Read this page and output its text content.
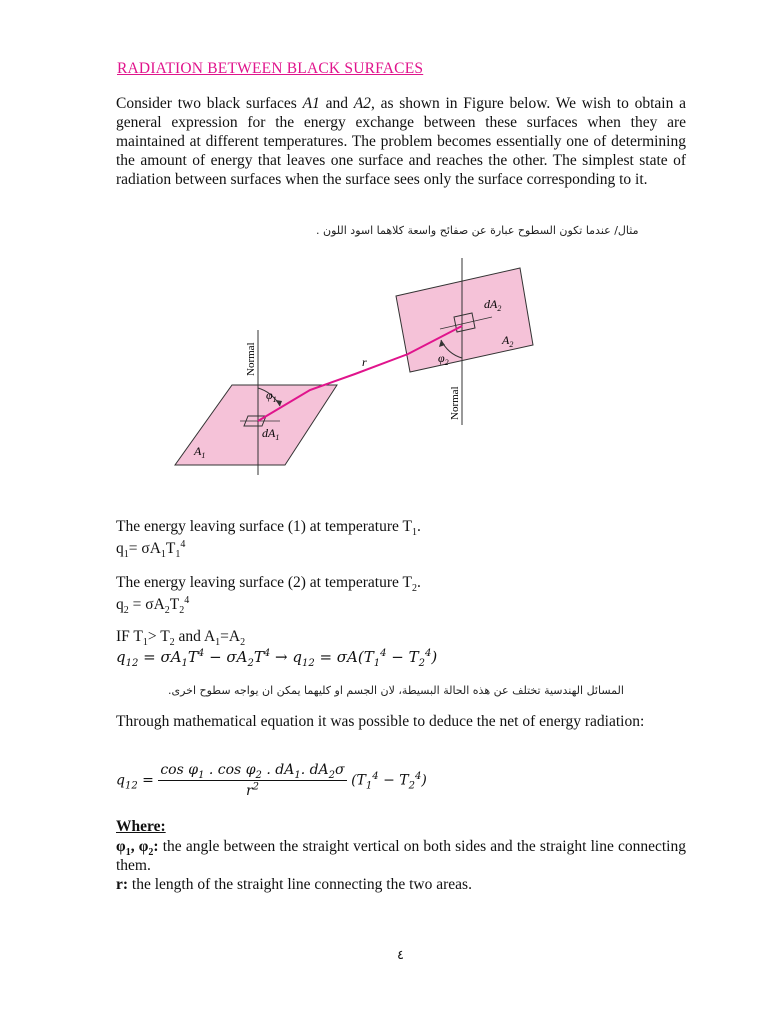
RADIATION BETWEEN BLACK SURFACES
Consider two black surfaces A1 and A2, as shown in Figure below. We wish to obtain a general expression for the energy exchange between these surfaces when they are maintained at different temperatures. The problem becomes essentially one of determining the amount of energy that leaves one surface and reaches the other. The simplest state of radiation between surfaces when the surface sees only the surface corresponding to it.
مثال/ عندما تكون السطوح عبارة عن صفائح واسعة كلاهما اسود اللون .
Normal
Normal
$\varphi_1$
$\varphi_2$
r
$dA_1$
$A_1$
$dA_2$
$A_2$
The energy leaving surface (1) at temperature $T_1$.
$q_1= \sigma A_1T_1^4$
The energy leaving surface (2) at temperature $T_2$.
$q_2 = \sigma A_2T_2^4$
IF $T_1> T_2$ and $A_1=A_2$
$q_{12} = \sigma A_1T^4 - \sigma A_2T^4 \to q_{12} = \sigma A(T_1^4 - T_2^4)$
المسائل الهندسية تختلف عن هذه الحالة البسيطة، لان الجسم او كليهما يمكن ان يواجه سطوح اخرى.
Through mathematical equation it was possible to deduce the net of energy radiation:
$q_{12} = \frac{\cos \varphi_1 . \cos \varphi_2 . dA_1. dA_2\sigma}{r^2} (T_1^4 - T_2^4)$
Where:
$\varphi_1$, $\varphi_2$: the angle between the straight vertical on both sides and the straight line connecting them.
r: the length of the straight line connecting the two areas.
٤
